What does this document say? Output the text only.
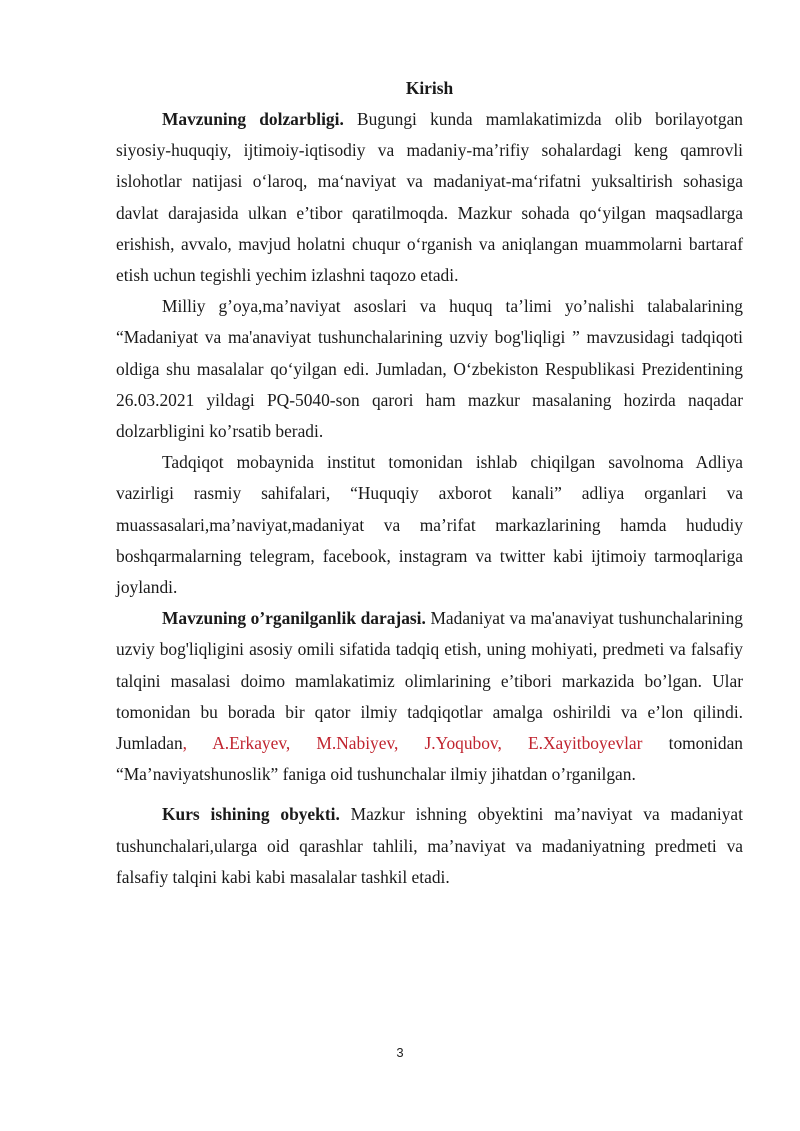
Kirish

Mavzuning dolzarbligi. Bugungi kunda mamlakatimizda olib borilayotgan siyosiy-huquqiy, ijtimoiy-iqtisodiy va madaniy-ma’rifiy sohalardagi keng qamrovli islohotlar natijasi o‘laroq, ma‘naviyat va madaniyat-ma‘rifatni yuksaltirish sohasiga davlat darajasida ulkan e’tibor qaratilmoqda. Mazkur sohada qo‘yilgan maqsadlarga erishish, avvalo, mavjud holatni chuqur o‘rganish va aniqlangan muammolarni bartaraf etish uchun tegishli yechim izlashni taqozo etadi.

Milliy g’oya,ma’naviyat asoslari va huquq ta’limi yo’nalishi talabalarining “Madaniyat va ma'anaviyat tushunchalarining uzviy bog'liqligi ” mavzusidagi tadqiqoti oldiga shu masalalar qo‘yilgan edi. Jumladan, O‘zbekiston Respublikasi Prezidentining 26.03.2021 yildagi PQ-5040-son qarori ham mazkur masalaning hozirda naqadar dolzarbligini ko’rsatib beradi.

Tadqiqot mobaynida institut tomonidan ishlab chiqilgan savolnoma Adliya vazirligi rasmiy sahifalari, “Huquqiy axborot kanali” adliya organlari va muassasalari,ma’naviyat,madaniyat va ma’rifat markazlarining hamda hududiy boshqarmalarning telegram, facebook, instagram va twitter kabi ijtimoiy tarmoqlariga joylandi.

Mavzuning o’rganilganlik darajasi. Madaniyat va ma'anaviyat tushunchalarining uzviy bog'liqligini asosiy omili sifatida tadqiq etish, uning mohiyati, predmeti va falsafiy talqini masalasi doimo mamlakatimiz olimlarining e’tibori markazida bo’lgan. Ular tomonidan bu borada bir qator ilmiy tadqiqotlar amalga oshirildi va e’lon qilindi. Jumladan, A.Erkayev, M.Nabiyev, J.Yoqubov, E.Xayitboyevlar tomonidan “Ma’naviyatshunoslik” faniga oid tushunchalar ilmiy jihatdan o’rganilgan.

Kurs ishining obyekti. Mazkur ishning obyektini ma’naviyat va madaniyat tushunchalari,ularga oid qarashlar tahlili, ma’naviyat va madaniyatning predmeti va falsafiy talqini kabi kabi masalalar tashkil etadi.

3
